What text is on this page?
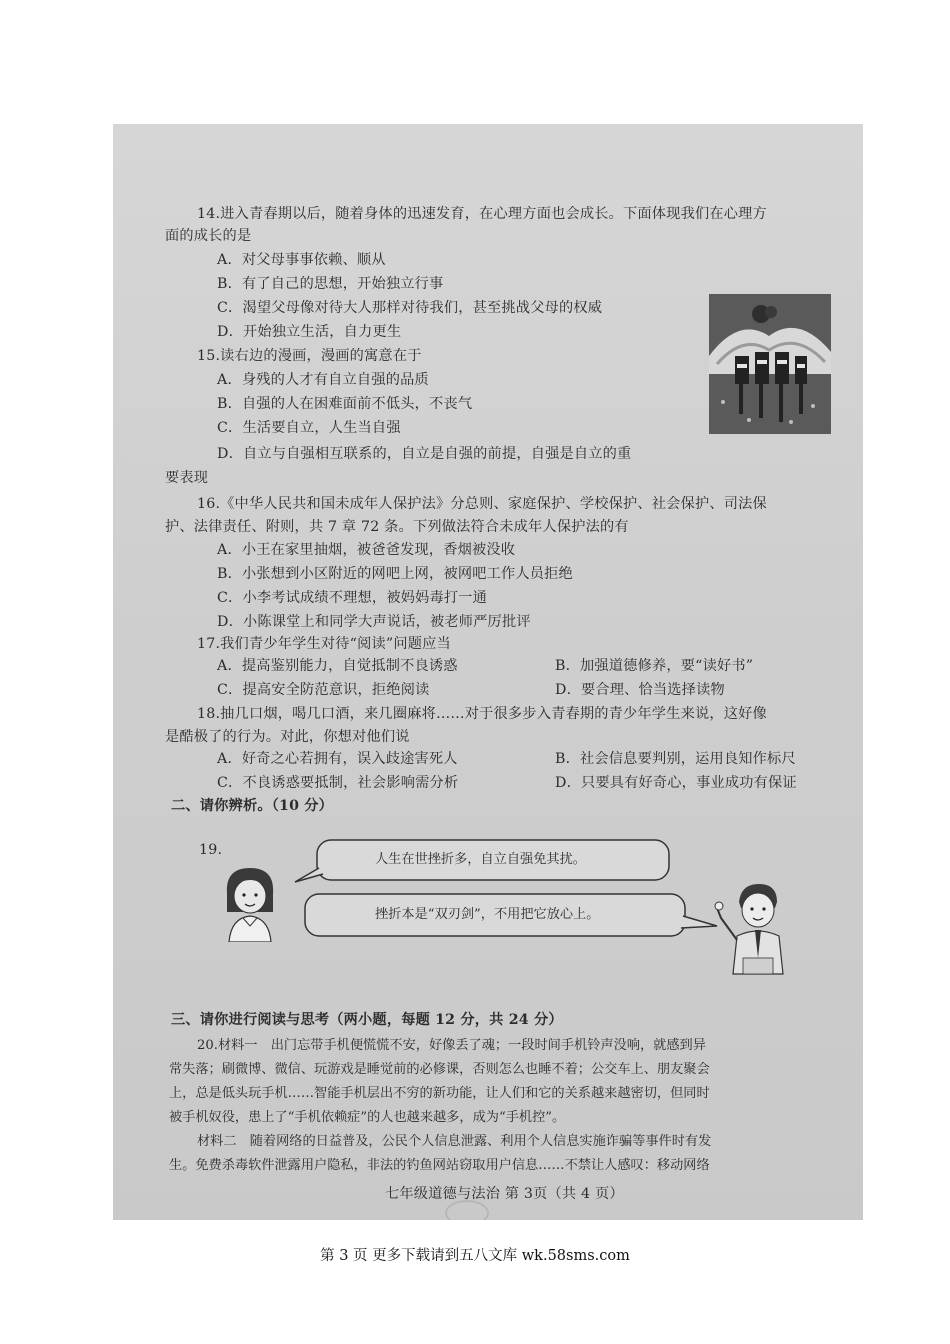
14.进入青春期以后，随着身体的迅速发育，在心理方面也会成长。下面体现我们在心理方
面的成长的是
A．对父母事事依赖、顺从
B．有了自己的思想，开始独立行事
C．渴望父母像对待大人那样对待我们，甚至挑战父母的权威
D．开始独立生活，自力更生
15.读右边的漫画，漫画的寓意在于
A．身残的人才有自立自强的品质
B．自强的人在困难面前不低头，不丧气
C．生活要自立，人生当自强
D．自立与自强相互联系的，自立是自强的前提，自强是自立的重
要表现
16.《中华人民共和国未成年人保护法》分总则、家庭保护、学校保护、社会保护、司法保
护、法律责任、附则，共 7 章 72 条。下列做法符合未成年人保护法的有
A．小王在家里抽烟，被爸爸发现，香烟被没收
B．小张想到小区附近的网吧上网，被网吧工作人员拒绝
C．小李考试成绩不理想，被妈妈毒打一通
D．小陈课堂上和同学大声说话，被老师严厉批评
17.我们青少年学生对待“阅读”问题应当
A．提高鉴别能力，自觉抵制不良诱惑	B．加强道德修养，要“读好书”
C．提高安全防范意识，拒绝阅读	D．要合理、恰当选择读物
18.抽几口烟，喝几口酒，来几圈麻将……对于很多步入青春期的青少年学生来说，这好像
是酷极了的行为。对此，你想对他们说
A．好奇之心若拥有，误入歧途害死人	B．社会信息要判别，运用良知作标尺
C．不良诱惑要抵制，社会影响需分析	D．只要具有好奇心，事业成功有保证
二、请你辨析。（10 分）
19.
人生在世挫折多，自立自强免其扰。
挫折本是“双刃剑”，不用把它放心上。
三、请你进行阅读与思考（两小题，每题 12 分，共 24 分）
20.材料一　出门忘带手机便慌慌不安，好像丢了魂；一段时间手机铃声没响，就感到异
常失落；刷微博、微信、玩游戏是睡觉前的必修课，否则怎么也睡不着；公交车上、朋友聚会
上，总是低头玩手机……智能手机层出不穷的新功能，让人们和它的关系越来越密切，但同时
被手机奴役，患上了“手机依赖症”的人也越来越多，成为“手机控”。
材料二　随着网络的日益普及，公民个人信息泄露、利用个人信息实施诈骗等事件时有发
生。免费杀毒软件泄露用户隐私，非法的钓鱼网站窃取用户信息……不禁让人感叹：移动网络
七年级道德与法治 第 3页（共 4 页）
第 3 页 更多下载请到五八文库 wk.58sms.com
